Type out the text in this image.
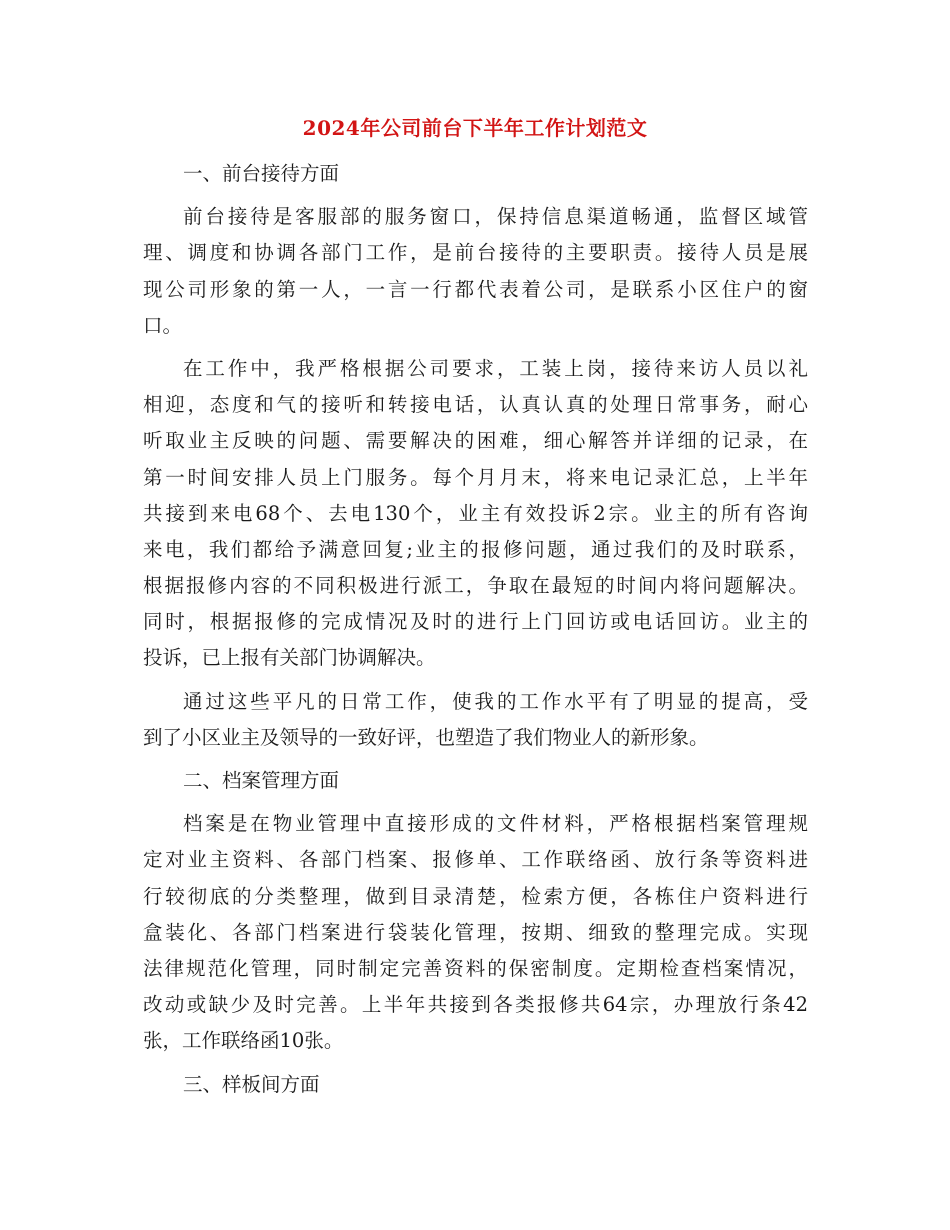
2024年公司前台下半年工作计划范文
一、前台接待方面
前台接待是客服部的服务窗口，保持信息渠道畅通，监督区域管
理、调度和协调各部门工作，是前台接待的主要职责。接待人员是展
现公司形象的第一人，一言一行都代表着公司，是联系小区住户的窗
口。
在工作中，我严格根据公司要求，工装上岗，接待来访人员以礼
相迎，态度和气的接听和转接电话，认真认真的处理日常事务，耐心
听取业主反映的问题、需要解决的困难，细心解答并详细的记录，在
第一时间安排人员上门服务。每个月月末，将来电记录汇总，上半年
共接到来电68个、去电130个，业主有效投诉2宗。业主的所有咨询
来电，我们都给予满意回复;业主的报修问题，通过我们的及时联系，
根据报修内容的不同积极进行派工，争取在最短的时间内将问题解决。
同时，根据报修的完成情况及时的进行上门回访或电话回访。业主的
投诉，已上报有关部门协调解决。
通过这些平凡的日常工作，使我的工作水平有了明显的提高，受
到了小区业主及领导的一致好评，也塑造了我们物业人的新形象。
二、档案管理方面
档案是在物业管理中直接形成的文件材料，严格根据档案管理规
定对业主资料、各部门档案、报修单、工作联络函、放行条等资料进
行较彻底的分类整理，做到目录清楚，检索方便，各栋住户资料进行
盒装化、各部门档案进行袋装化管理，按期、细致的整理完成。实现
法律规范化管理，同时制定完善资料的保密制度。定期检查档案情况，
改动或缺少及时完善。上半年共接到各类报修共64宗，办理放行条42
张，工作联络函10张。
三、样板间方面
